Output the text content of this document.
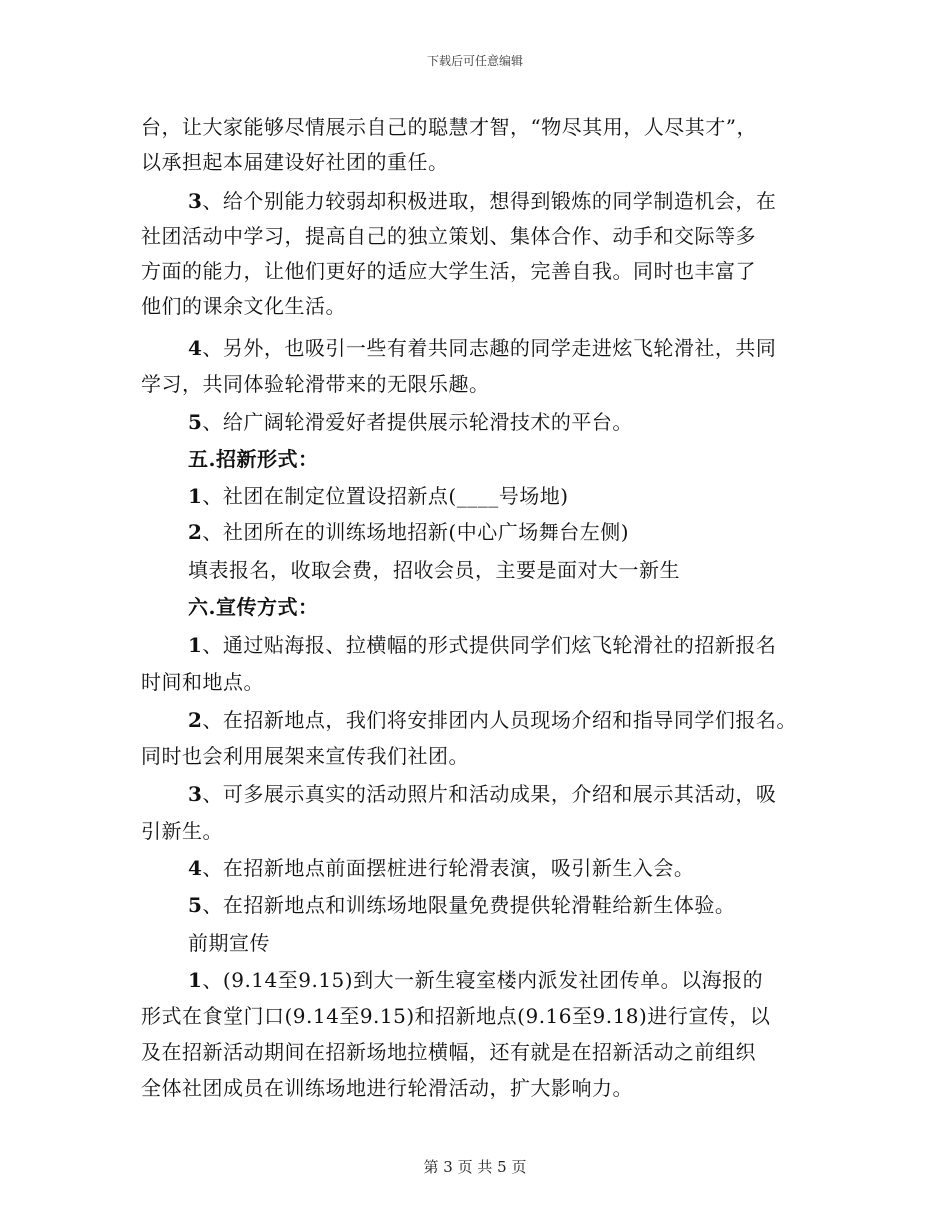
下载后可任意编辑
台，让大家能够尽情展示自己的聪慧才智，“物尽其用，人尽其才”，
以承担起本届建设好社团的重任。
3、给个别能力较弱却积极进取，想得到锻炼的同学制造机会，在
社团活动中学习，提高自己的独立策划、集体合作、动手和交际等多
方面的能力，让他们更好的适应大学生活，完善自我。同时也丰富了
他们的课余文化生活。
4、另外，也吸引一些有着共同志趣的同学走进炫飞轮滑社，共同
学习，共同体验轮滑带来的无限乐趣。
5、给广阔轮滑爱好者提供展示轮滑技术的平台。
五.招新形式：
1、社团在制定位置设招新点(____号场地)
2、社团所在的训练场地招新(中心广场舞台左侧)
填表报名，收取会费，招收会员，主要是面对大一新生
六.宣传方式：
1、通过贴海报、拉横幅的形式提供同学们炫飞轮滑社的招新报名
时间和地点。
2、在招新地点，我们将安排团内人员现场介绍和指导同学们报名。
同时也会利用展架来宣传我们社团。
3、可多展示真实的活动照片和活动成果，介绍和展示其活动，吸
引新生。
4、在招新地点前面摆桩进行轮滑表演，吸引新生入会。
5、在招新地点和训练场地限量免费提供轮滑鞋给新生体验。
前期宣传
1、(9.14至9.15)到大一新生寝室楼内派发社团传单。以海报的
形式在食堂门口(9.14至9.15)和招新地点(9.16至9.18)进行宣传，以
及在招新活动期间在招新场地拉横幅，还有就是在招新活动之前组织
全体社团成员在训练场地进行轮滑活动，扩大影响力。
第 3 页 共 5 页
